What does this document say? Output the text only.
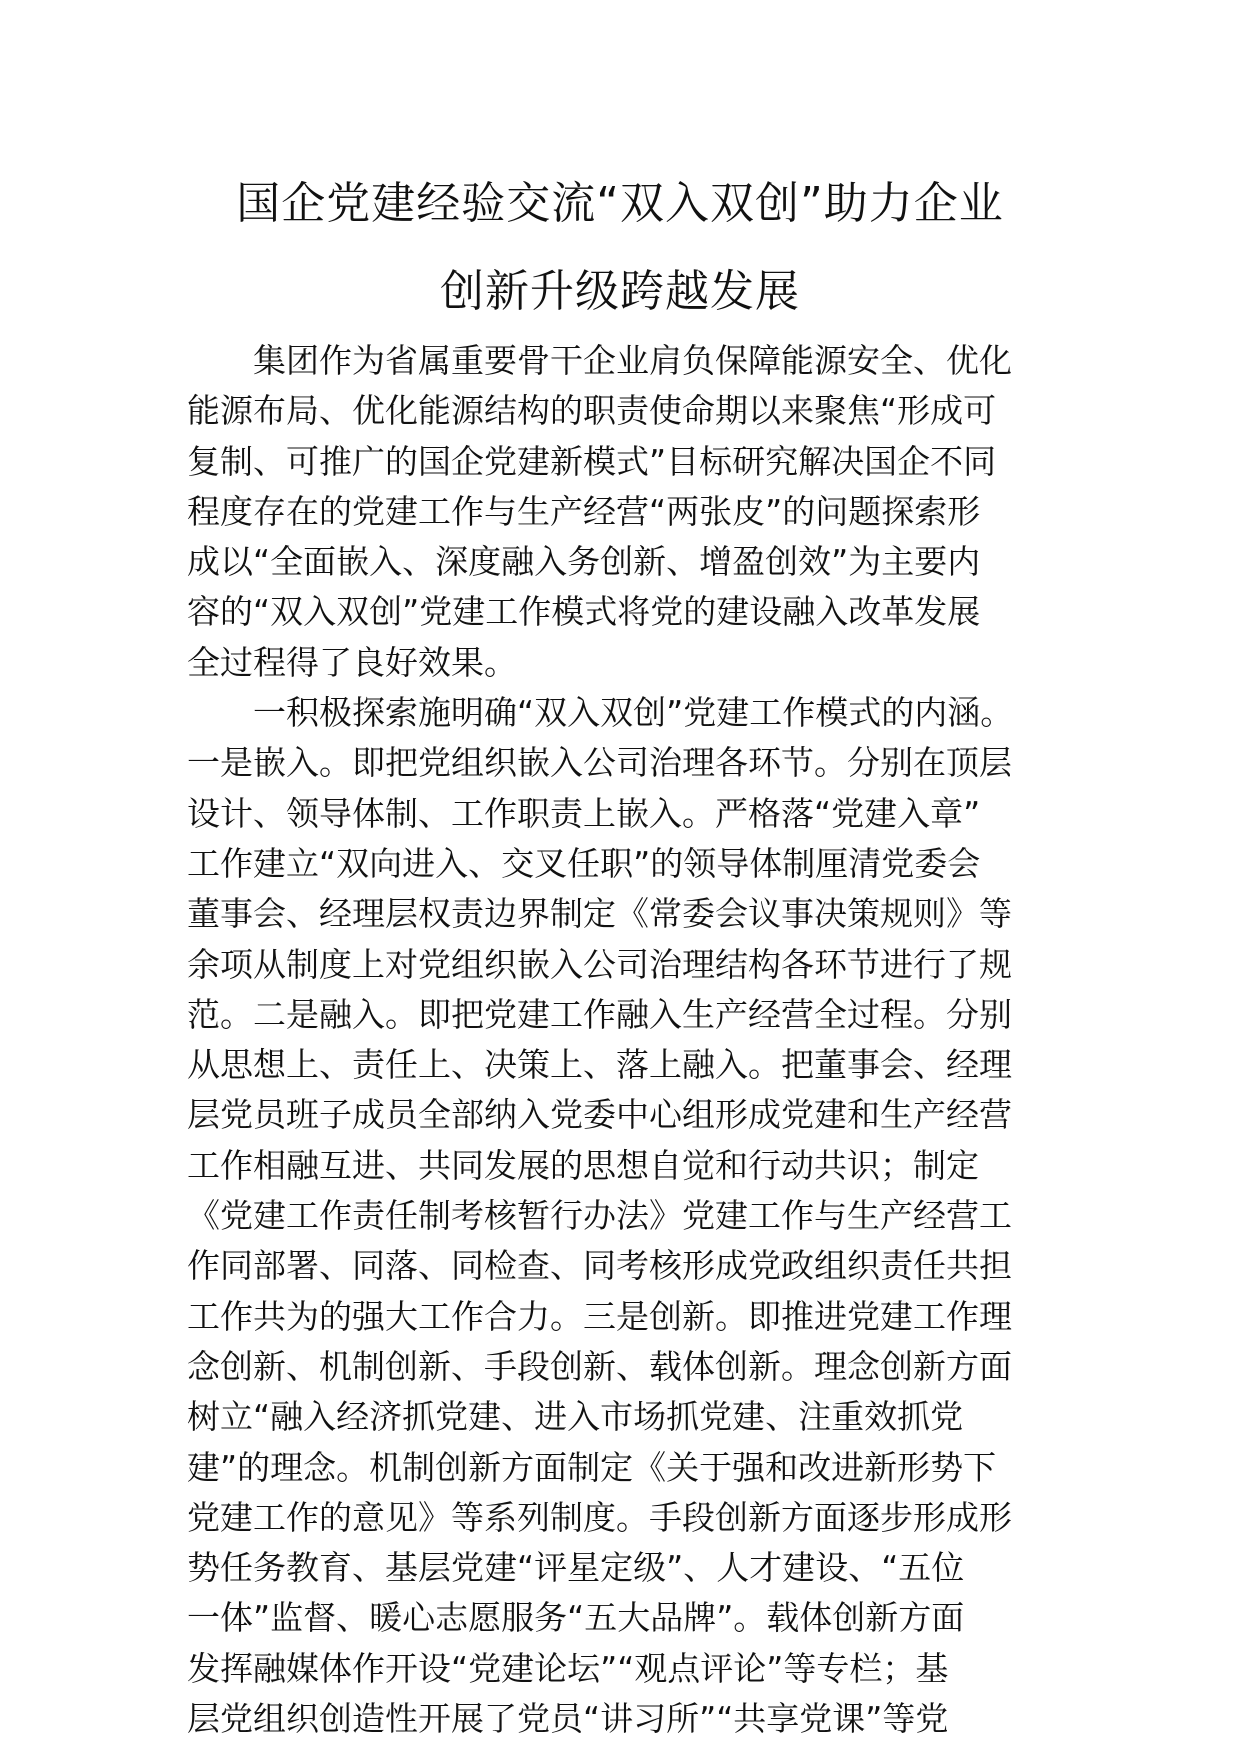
国企党建经验交流“双入双创”助力企业
创新升级跨越发展
　　集团作为省属重要骨干企业肩负保障能源安全、优化
能源布局、优化能源结构的职责使命期以来聚焦“形成可
复制、可推广的国企党建新模式”目标研究解决国企不同
程度存在的党建工作与生产经营“两张皮”的问题探索形
成以“全面嵌入、深度融入务创新、增盈创效”为主要内
容的“双入双创”党建工作模式将党的建设融入改革发展
全过程得了良好效果。
　　一积极探索施明确“双入双创”党建工作模式的内涵。
一是嵌入。即把党组织嵌入公司治理各环节。分别在顶层
设计、领导体制、工作职责上嵌入。严格落“党建入章”
工作建立“双向进入、交叉任职”的领导体制厘清党委会
董事会、经理层权责边界制定《常委会议事决策规则》等
余项从制度上对党组织嵌入公司治理结构各环节进行了规
范。二是融入。即把党建工作融入生产经营全过程。分别
从思想上、责任上、决策上、落上融入。把董事会、经理
层党员班子成员全部纳入党委中心组形成党建和生产经营
工作相融互进、共同发展的思想自觉和行动共识；制定
《党建工作责任制考核暂行办法》党建工作与生产经营工
作同部署、同落、同检查、同考核形成党政组织责任共担
工作共为的强大工作合力。三是创新。即推进党建工作理
念创新、机制创新、手段创新、载体创新。理念创新方面
树立“融入经济抓党建、进入市场抓党建、注重效抓党
建”的理念。机制创新方面制定《关于强和改进新形势下
党建工作的意见》等系列制度。手段创新方面逐步形成形
势任务教育、基层党建“评星定级”、人才建设、“五位
一体”监督、暖心志愿服务“五大品牌”。载体创新方面
发挥融媒体作开设“党建论坛”“观点评论”等专栏；基
层党组织创造性开展了党员“讲习所”“共享党课”等党
